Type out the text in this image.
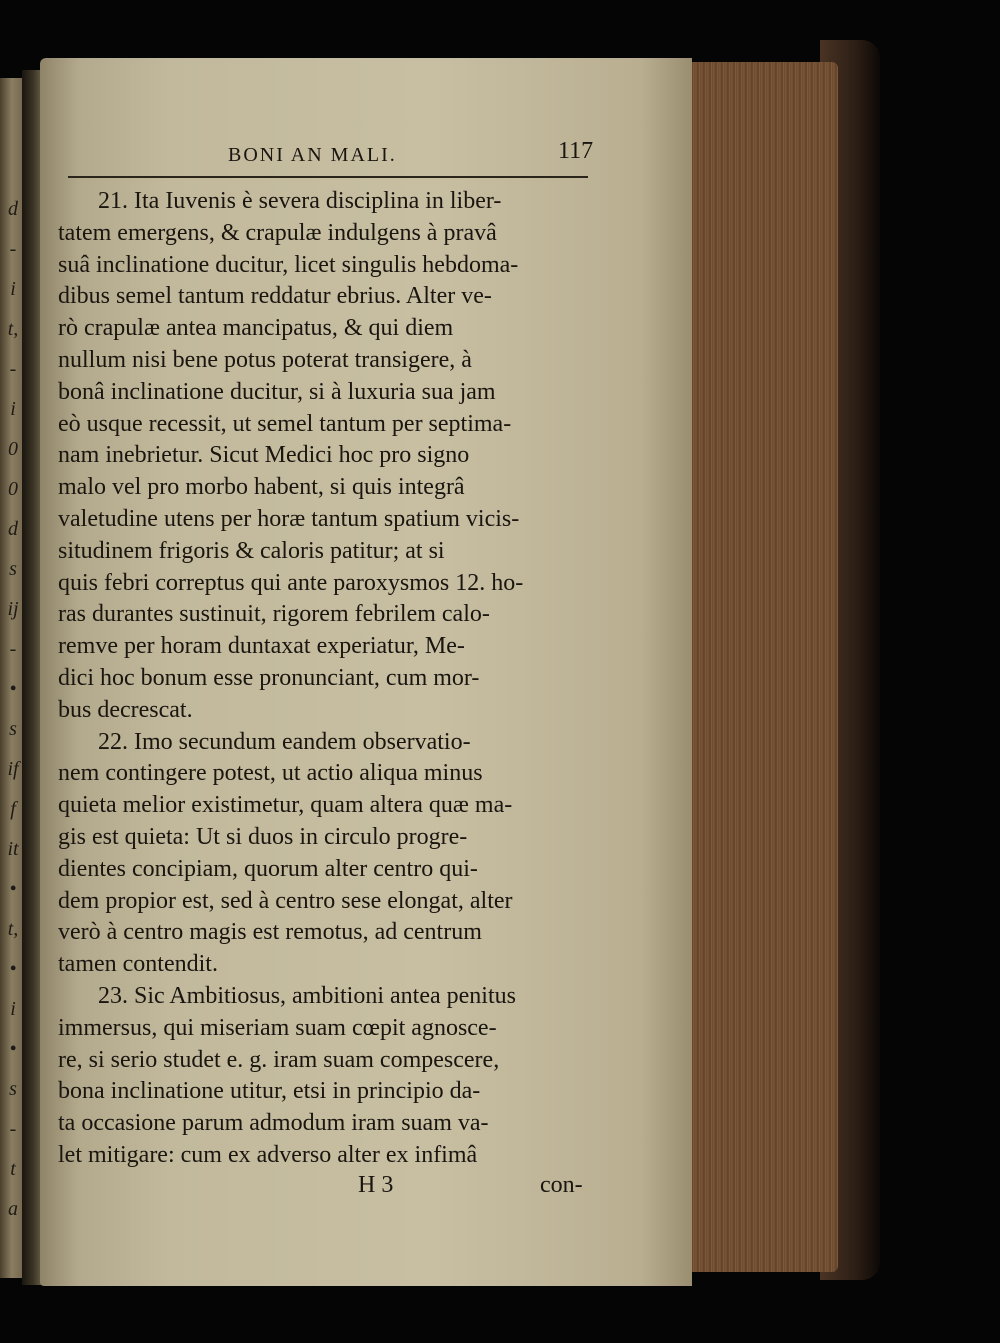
d
-
i
t,
-
i
0
0
d
s
ij
-
•
s
if
f
it
•
t,
•
i
•
s
-
t
a
BONI AN MALI.	117
21. Ita Iuvenis è severa disciplina in liber-
tatem emergens, & crapulæ indulgens à pravâ
suâ inclinatione ducitur, licet singulis hebdoma-
dibus semel tantum reddatur ebrius. Alter ve-
rò crapulæ antea mancipatus, & qui diem
nullum nisi bene potus poterat transigere, à
bonâ inclinatione ducitur, si à luxuria sua jam
eò usque recessit, ut semel tantum per septima-
nam inebrietur. Sicut Medici hoc pro signo
malo vel pro morbo habent, si quis integrâ
valetudine utens per horæ tantum spatium vicis-
situdinem frigoris & caloris patitur; at si
quis febri correptus qui ante paroxysmos 12. ho-
ras durantes sustinuit, rigorem febrilem calo-
remve per horam duntaxat experiatur, Me-
dici hoc bonum esse pronunciant, cum mor-
bus decrescat.
22. Imo secundum eandem observatio-
nem contingere potest, ut actio aliqua minus
quieta melior existimetur, quam altera quæ ma-
gis est quieta: Ut si duos in circulo progre-
dientes concipiam, quorum alter centro qui-
dem propior est, sed à centro sese elongat, alter
verò à centro magis est remotus, ad centrum
tamen contendit.
23. Sic Ambitiosus, ambitioni antea penitus
immersus, qui miseriam suam cœpit agnosce-
re, si serio studet e. g. iram suam compescere,
bona inclinatione utitur, etsi in principio da-
ta occasione parum admodum iram suam va-
let mitigare: cum ex adverso alter ex infimâ
H 3	con-
